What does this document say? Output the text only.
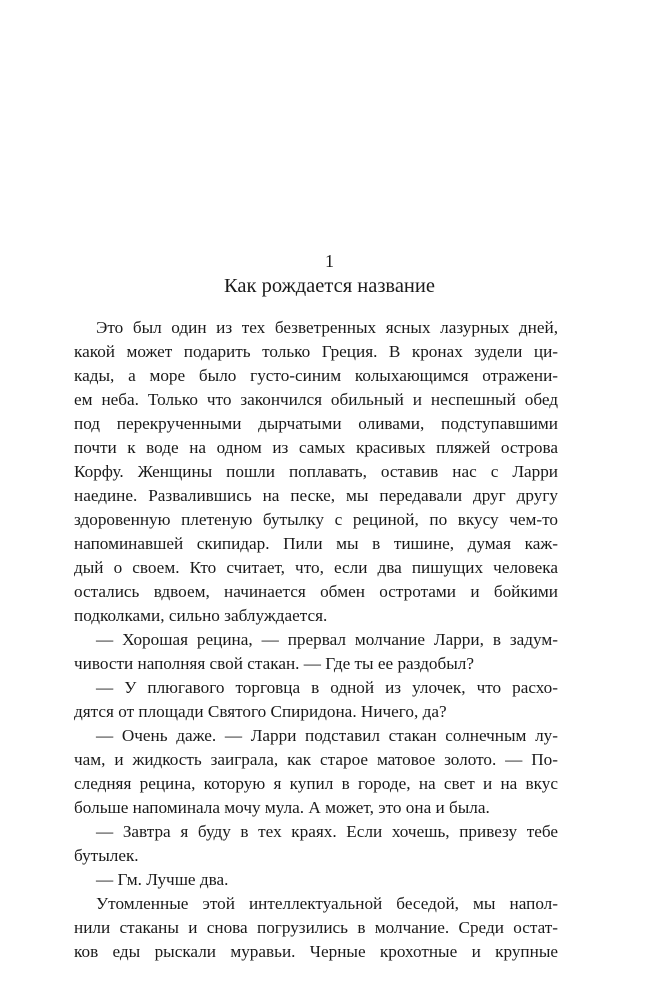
1
Как рождается название
Это был один из тех безветренных ясных лазурных дней,
какой может подарить только Греция. В кронах зудели ци-
кады, а море было густо-синим колыхающимся отражени-
ем неба. Только что закончился обильный и неспешный обед
под перекрученными дырчатыми оливами, подступавшими
почти к воде на одном из самых красивых пляжей острова
Корфу. Женщины пошли поплавать, оставив нас с Ларри
наедине. Развалившись на песке, мы передавали друг другу
здоровенную плетеную бутылку с рециной, по вкусу чем-то
напоминавшей скипидар. Пили мы в тишине, думая каж-
дый о своем. Кто считает, что, если два пишущих человека
остались вдвоем, начинается обмен остротами и бойкими
подколками, сильно заблуждается.
— Хорошая рецина, — прервал молчание Ларри, в задум-
чивости наполняя свой стакан. — Где ты ее раздобыл?
— У плюгавого торговца в одной из улочек, что расхо-
дятся от площади Святого Спиридона. Ничего, да?
— Очень даже. — Ларри подставил стакан солнечным лу-
чам, и жидкость заиграла, как старое матовое золото. — По-
следняя рецина, которую я купил в городе, на свет и на вкус
больше напоминала мочу мула. А может, это она и была.
— Завтра я буду в тех краях. Если хочешь, привезу тебе
бутылек.
— Гм. Лучше два.
Утомленные этой интеллектуальной беседой, мы напол-
нили стаканы и снова погрузились в молчание. Среди остат-
ков еды рыскали муравьи. Черные крохотные и крупные
